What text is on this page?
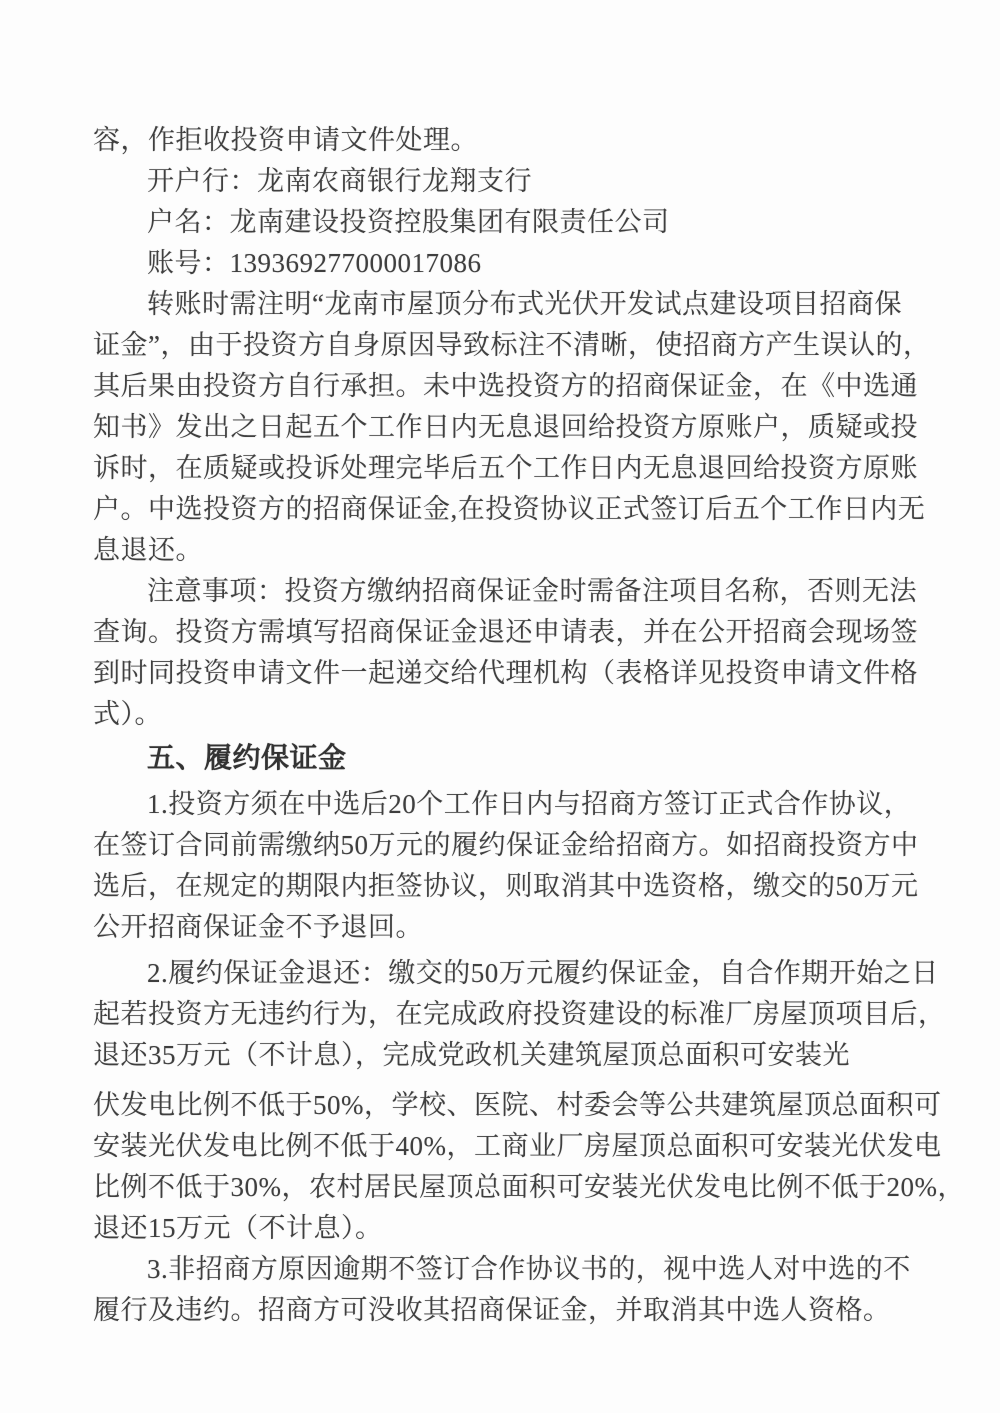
容，作拒收投资申请文件处理。
开户行：龙南农商银行龙翔支行
户名：龙南建设投资控股集团有限责任公司
账号：139369277000017086
转账时需注明“龙南市屋顶分布式光伏开发试点建设项目招商保
证金”，由于投资方自身原因导致标注不清晰，使招商方产生误认的，
其后果由投资方自行承担。未中选投资方的招商保证金，在《中选通
知书》发出之日起五个工作日内无息退回给投资方原账户，质疑或投
诉时，在质疑或投诉处理完毕后五个工作日内无息退回给投资方原账
户。中选投资方的招商保证金,在投资协议正式签订后五个工作日内无
息退还。
注意事项：投资方缴纳招商保证金时需备注项目名称，否则无法
查询。投资方需填写招商保证金退还申请表，并在公开招商会现场签
到时同投资申请文件一起递交给代理机构（表格详见投资申请文件格
式）。
五、履约保证金
1.投资方须在中选后20个工作日内与招商方签订正式合作协议，
在签订合同前需缴纳50万元的履约保证金给招商方。如招商投资方中
选后，在规定的期限内拒签协议，则取消其中选资格，缴交的50万元
公开招商保证金不予退回。
2.履约保证金退还：缴交的50万元履约保证金，自合作期开始之日
起若投资方无违约行为，在完成政府投资建设的标准厂房屋顶项目后，
退还35万元（不计息），完成党政机关建筑屋顶总面积可安装光
伏发电比例不低于50%，学校、医院、村委会等公共建筑屋顶总面积可
安装光伏发电比例不低于40%，工商业厂房屋顶总面积可安装光伏发电
比例不低于30%，农村居民屋顶总面积可安装光伏发电比例不低于20%，
退还15万元（不计息）。
3.非招商方原因逾期不签订合作协议书的，视中选人对中选的不
履行及违约。招商方可没收其招商保证金，并取消其中选人资格。
